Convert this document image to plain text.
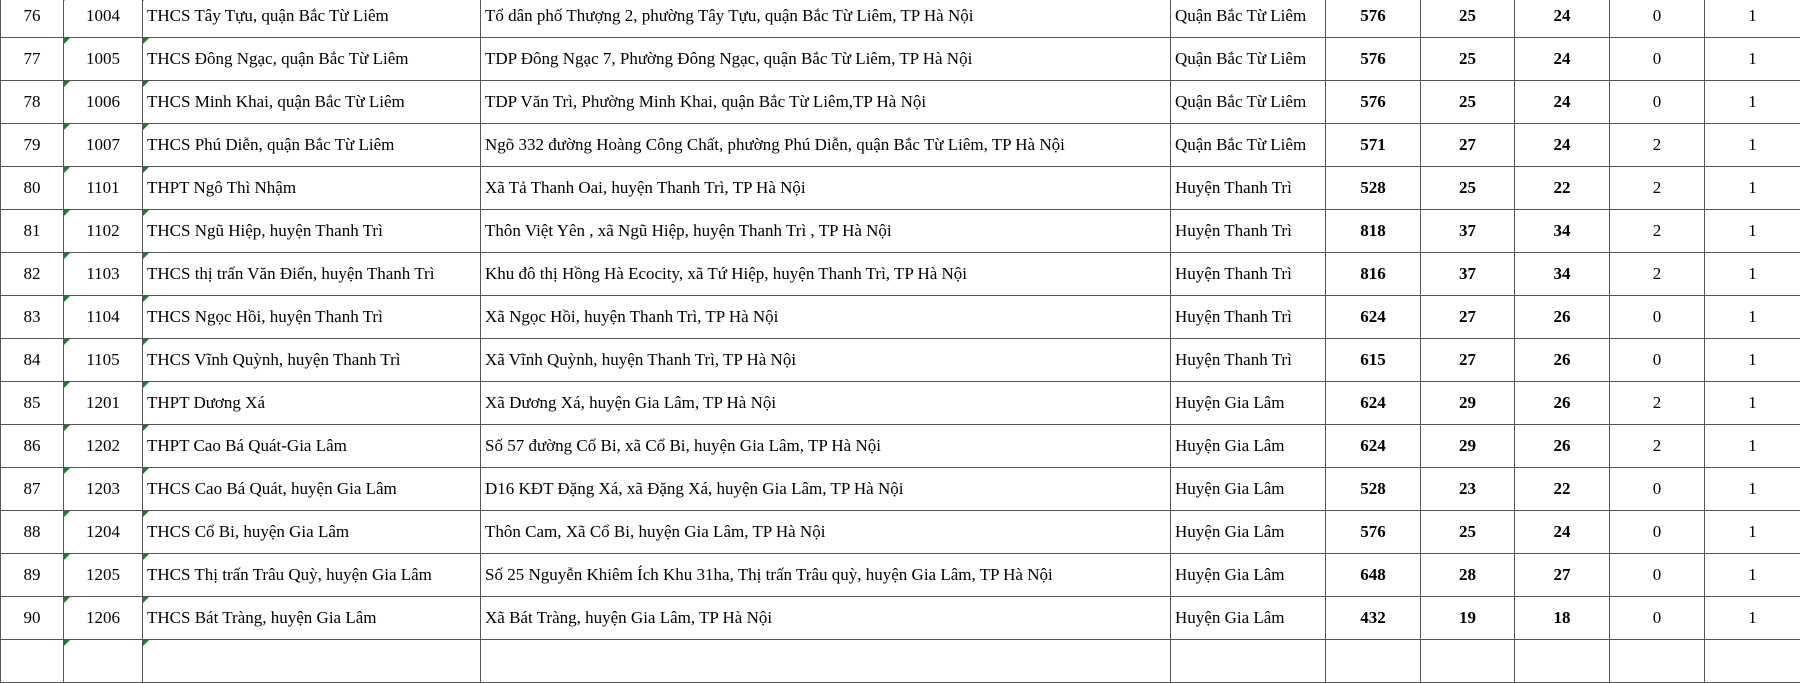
76	1004	THCS Tây Tựu, quận Bắc Từ Liêm	Tổ dân phố Thượng 2, phường Tây Tựu, quận Bắc Từ Liêm, TP Hà Nội	Quận Bắc Từ Liêm	576	25	24	0	1
77	1005	THCS Đông Ngạc, quận Bắc Từ Liêm	TDP Đông Ngạc 7, Phường Đông Ngạc, quận Bắc Từ Liêm, TP Hà Nội	Quận Bắc Từ Liêm	576	25	24	0	1
78	1006	THCS Minh Khai, quận Bắc Từ Liêm	TDP Văn Trì, Phường Minh Khai, quận Bắc Từ Liêm,TP Hà Nội	Quận Bắc Từ Liêm	576	25	24	0	1
79	1007	THCS Phú Diễn, quận Bắc Từ Liêm	Ngõ 332 đường Hoàng Công Chất, phường Phú Diễn, quận Bắc Từ Liêm, TP Hà Nội	Quận Bắc Từ Liêm	571	27	24	2	1
80	1101	THPT Ngô Thì Nhậm	Xã Tả Thanh Oai, huyện Thanh Trì, TP Hà Nội	Huyện Thanh Trì	528	25	22	2	1
81	1102	THCS Ngũ Hiệp, huyện Thanh Trì	Thôn Việt Yên , xã Ngũ Hiệp, huyện Thanh Trì , TP Hà Nội	Huyện Thanh Trì	818	37	34	2	1
82	1103	THCS thị trấn Văn Điển, huyện Thanh Trì	Khu đô thị Hồng Hà Ecocity, xã Tứ Hiệp, huyện Thanh Trì, TP Hà Nội	Huyện Thanh Trì	816	37	34	2	1
83	1104	THCS Ngọc Hồi, huyện Thanh Trì	Xã Ngọc Hồi, huyện Thanh Trì, TP Hà Nội	Huyện Thanh Trì	624	27	26	0	1
84	1105	THCS Vĩnh Quỳnh, huyện Thanh Trì	Xã Vĩnh Quỳnh, huyện Thanh Trì, TP Hà Nội	Huyện Thanh Trì	615	27	26	0	1
85	1201	THPT Dương Xá	Xã Dương Xá, huyện Gia Lâm, TP Hà Nội	Huyện Gia Lâm	624	29	26	2	1
86	1202	THPT Cao Bá Quát-Gia Lâm	Số 57 đường Cổ Bi, xã Cổ Bi, huyện Gia Lâm, TP Hà Nội	Huyện Gia Lâm	624	29	26	2	1
87	1203	THCS Cao Bá Quát, huyện Gia Lâm	D16 KĐT Đặng Xá, xã Đặng Xá, huyện Gia Lâm, TP Hà Nội	Huyện Gia Lâm	528	23	22	0	1
88	1204	THCS Cổ Bi, huyện Gia Lâm	Thôn Cam, Xã Cổ Bi, huyện Gia Lâm, TP Hà Nội	Huyện Gia Lâm	576	25	24	0	1
89	1205	THCS Thị trấn Trâu Quỳ, huyện Gia Lâm	Số 25 Nguyễn Khiêm Ích Khu 31ha, Thị trấn Trâu quỳ, huyện Gia Lâm, TP Hà Nội	Huyện Gia Lâm	648	28	27	0	1
90	1206	THCS Bát Tràng, huyện Gia Lâm	Xã Bát Tràng, huyện Gia Lâm, TP Hà Nội	Huyện Gia Lâm	432	19	18	0	1
